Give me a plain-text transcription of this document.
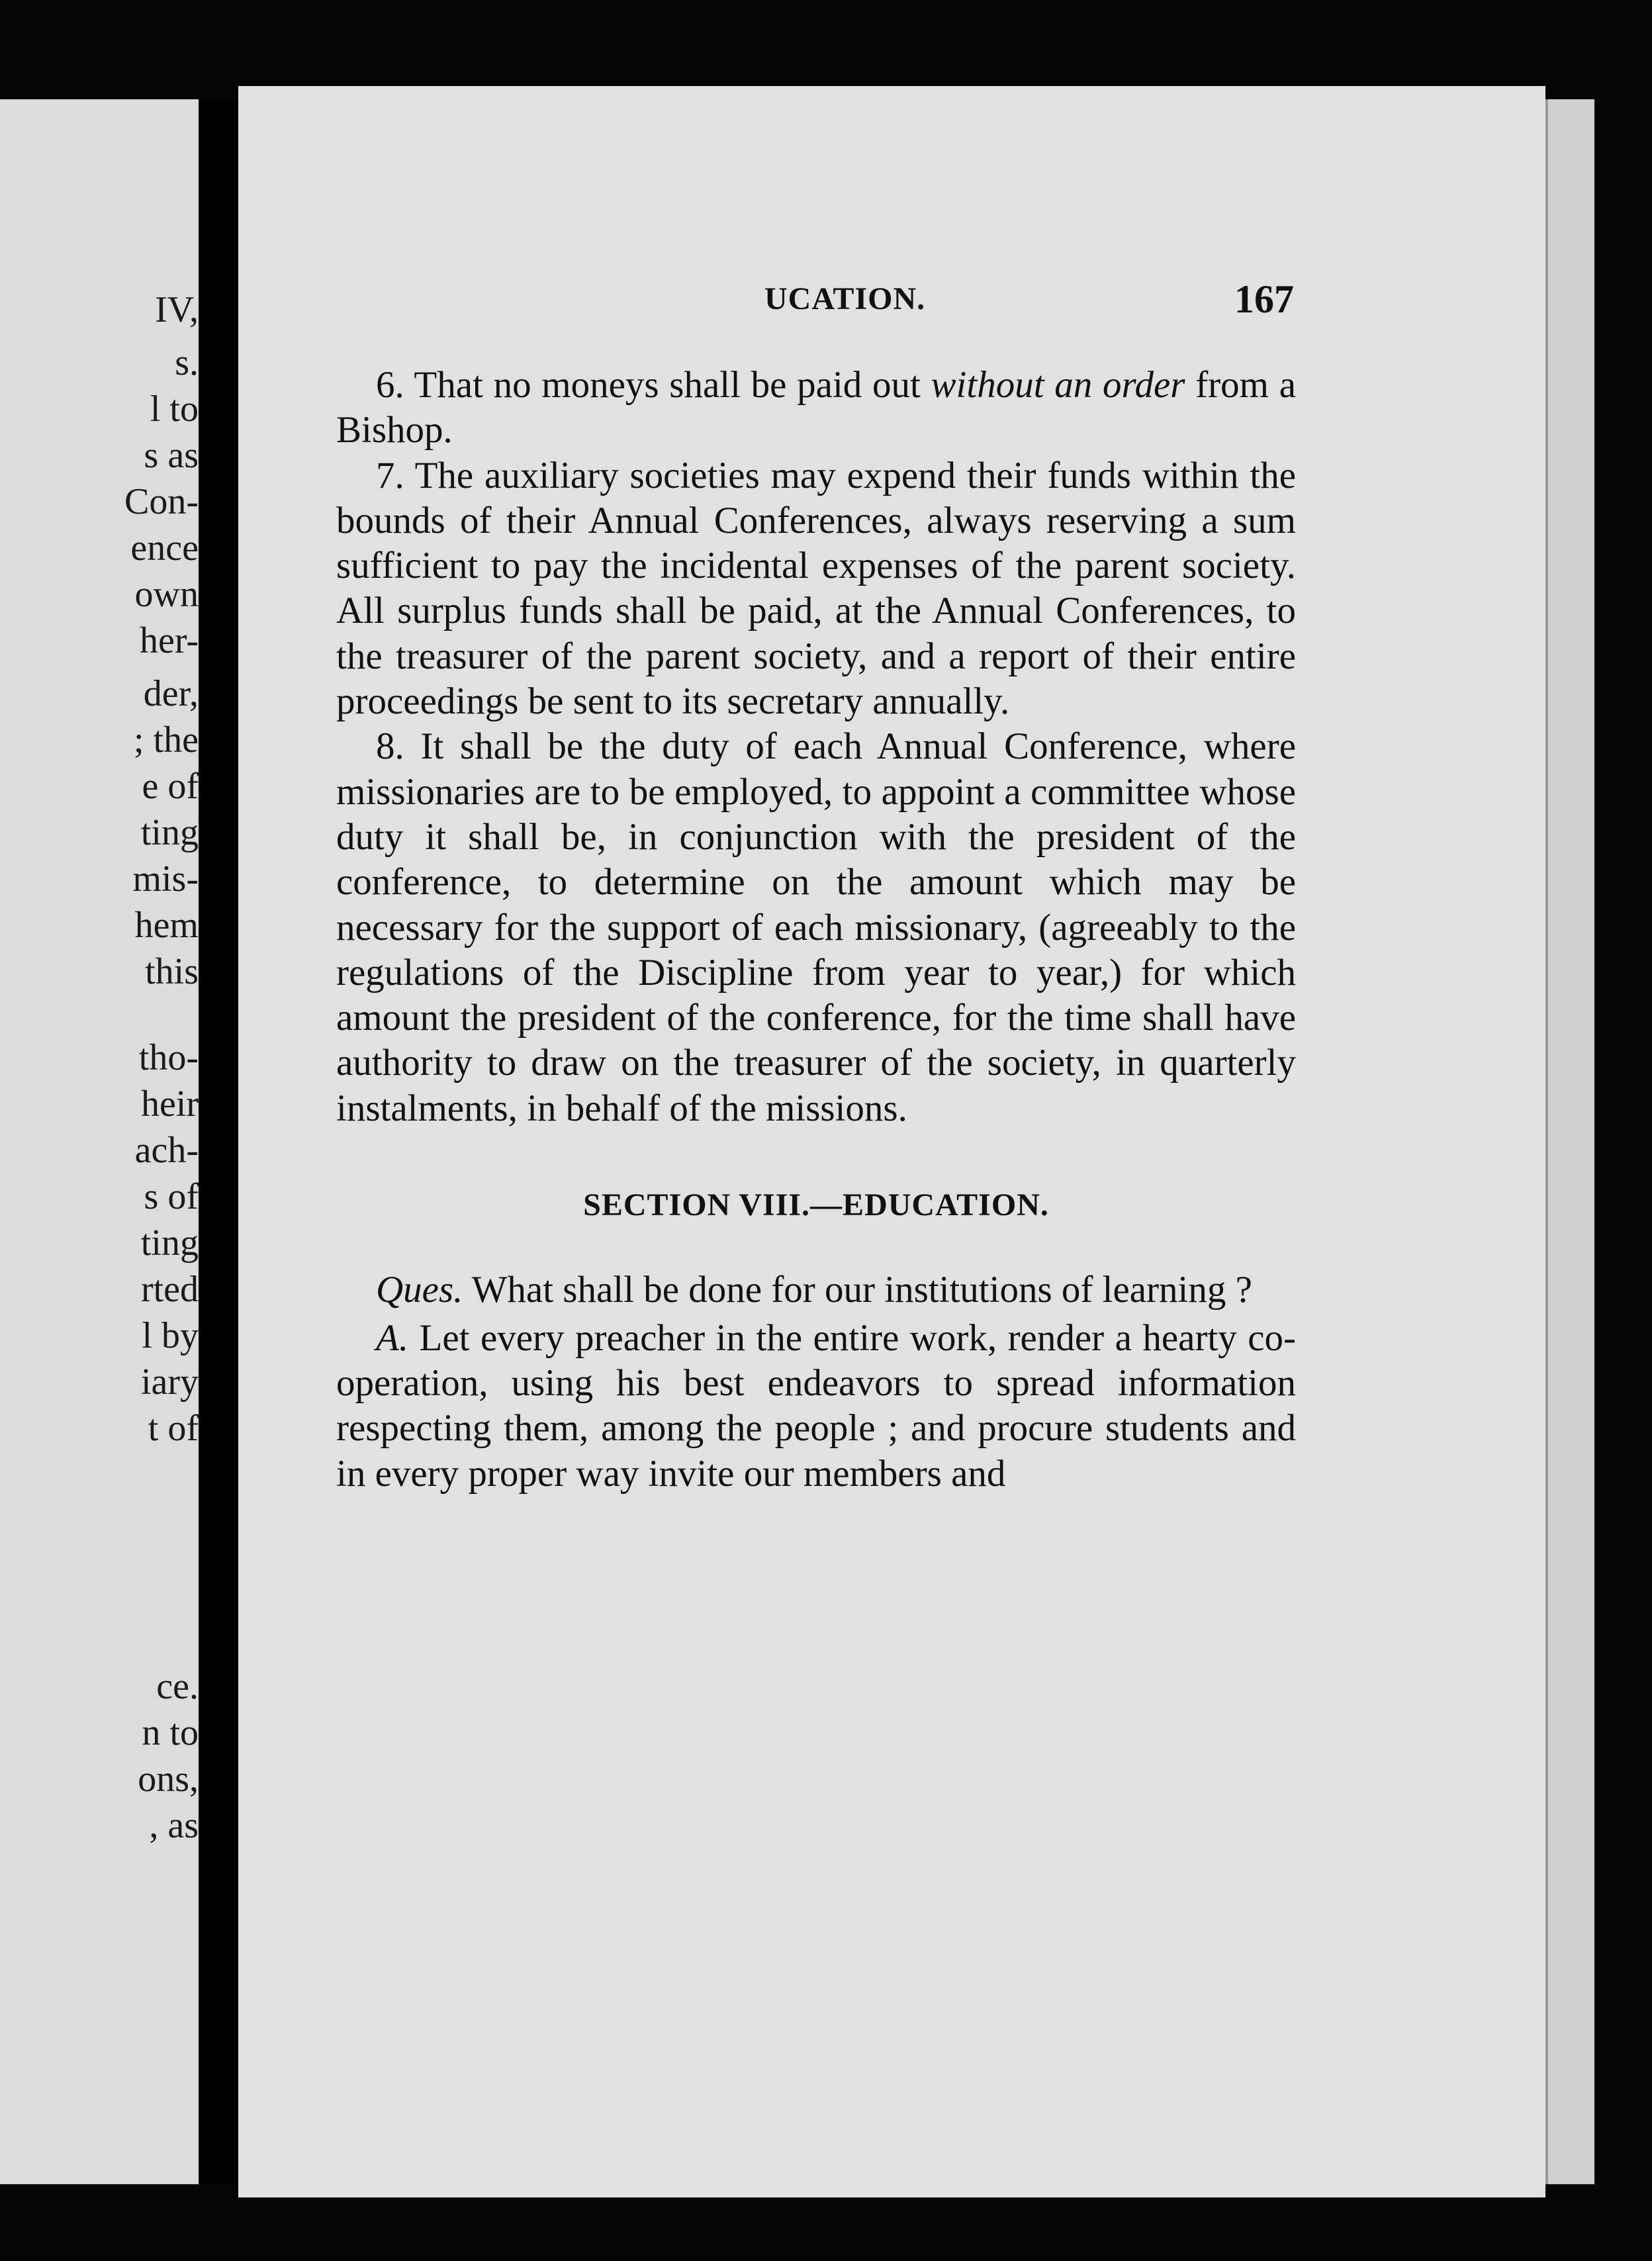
IV,
s.
l to
s as
Con-
ence
own
her-
der,
; the
e of
ting
mis-
hem
this
tho-
heir
ach-
s of
ting
rted
l by
iary
t of
ce.
n to
ons,
, as
UCATION.	167

6. That no moneys shall be paid out without an order from a Bishop.

7. The auxiliary societies may expend their funds within the bounds of their Annual Conferences, always reserving a sum sufficient to pay the incidental expenses of the parent society. All surplus funds shall be paid, at the Annual Conferences, to the treasurer of the parent society, and a report of their entire proceedings be sent to its secretary annually.

8. It shall be the duty of each Annual Conference, where missionaries are to be employed, to appoint a committee whose duty it shall be, in conjunction with the president of the conference, to determine on the amount which may be necessary for the support of each missionary, (agreeably to the regulations of the Discipline from year to year,) for which amount the president of the conference, for the time shall have authority to draw on the treasurer of the society, in quarterly instalments, in behalf of the missions.

SECTION VIII.—EDUCATION.

Ques. What shall be done for our institutions of learning ?

A. Let every preacher in the entire work, render a hearty co-operation, using his best endeavors to spread information respecting them, among the people ; and procure students and in every proper way invite our members and
